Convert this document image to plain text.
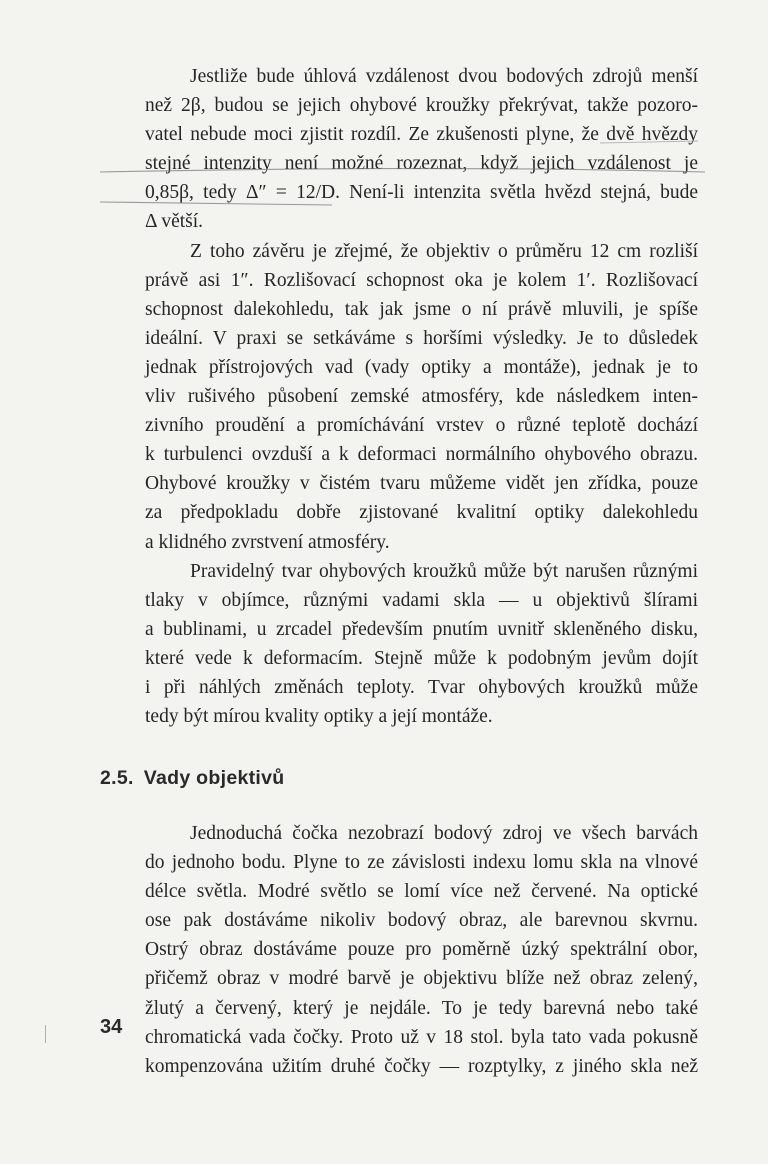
Jestliže bude úhlová vzdálenost dvou bodových zdrojů menší
než 2β, budou se jejich ohybové kroužky překrývat, takže pozoro-
vatel nebude moci zjistit rozdíl. Ze zkušenosti plyne, že dvě hvězdy
stejné intenzity není možné rozeznat, když jejich vzdálenost je
0,85β, tedy Δ″ = 12/D. Není-li intenzita světla hvězd stejná, bude
Δ větší.

Z toho závěru je zřejmé, že objektiv o průměru 12 cm rozliší
právě asi 1″. Rozlišovací schopnost oka je kolem 1′. Rozlišovací
schopnost dalekohledu, tak jak jsme o ní právě mluvili, je spíše
ideální. V praxi se setkáváme s horšími výsledky. Je to důsledek
jednak přístrojových vad (vady optiky a montáže), jednak je to
vliv rušivého působení zemské atmosféry, kde následkem inten-
zivního proudění a promíchávání vrstev o různé teplotě dochází
k turbulenci ovzduší a k deformaci normálního ohybového obrazu.
Ohybové kroužky v čistém tvaru můžeme vidět jen zřídka, pouze
za předpokladu dobře zjistované kvalitní optiky dalekohledu
a klidného zvrstvení atmosféry.

Pravidelný tvar ohybových kroužků může být narušen různými
tlaky v objímce, různými vadami skla — u objektivů šlírami
a bublinami, u zrcadel především pnutím uvnitř skleněného disku,
které vede k deformacím. Stejně může k podobným jevům dojít
i při náhlých změnách teploty. Tvar ohybových kroužků může
tedy být mírou kvality optiky a její montáže.

2.5. Vady objektivů

Jednoduchá čočka nezobrazí bodový zdroj ve všech barvách
do jednoho bodu. Plyne to ze závislosti indexu lomu skla na vlnové
délce světla. Modré světlo se lomí více než červené. Na optické
ose pak dostáváme nikoliv bodový obraz, ale barevnou skvrnu.
Ostrý obraz dostáváme pouze pro poměrně úzký spektrální obor,
přičemž obraz v modré barvě je objektivu blíže než obraz zelený,
žlutý a červený, který je nejdále. To je tedy barevná nebo také
chromatická vada čočky. Proto už v 18 stol. byla tato vada pokusně
kompenzována užitím druhé čočky — rozptylky, z jiného skla než

34
